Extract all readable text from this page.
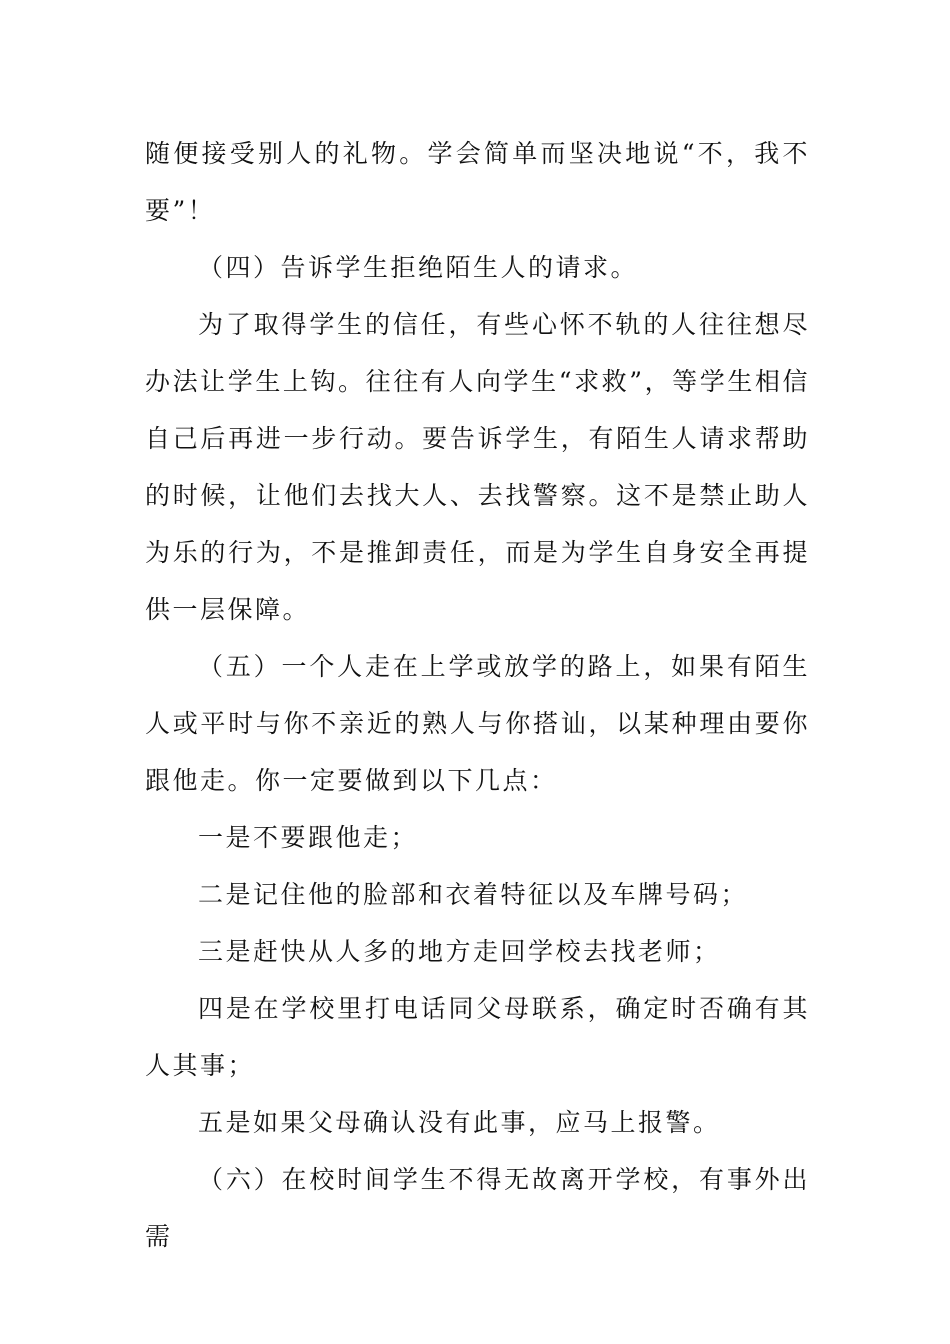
随便接受别人的礼物。学会简单而坚决地说“不，我不要”！

（四）告诉学生拒绝陌生人的请求。

为了取得学生的信任，有些心怀不轨的人往往想尽办法让学生上钩。往往有人向学生“求救”，等学生相信自己后再进一步行动。要告诉学生，有陌生人请求帮助的时候，让他们去找大人、去找警察。这不是禁止助人为乐的行为，不是推卸责任，而是为学生自身安全再提供一层保障。

（五）一个人走在上学或放学的路上，如果有陌生人或平时与你不亲近的熟人与你搭讪，以某种理由要你跟他走。你一定要做到以下几点：

一是不要跟他走；

二是记住他的脸部和衣着特征以及车牌号码；

三是赶快从人多的地方走回学校去找老师；

四是在学校里打电话同父母联系，确定时否确有其人其事；

五是如果父母确认没有此事，应马上报警。

（六）在校时间学生不得无故离开学校，有事外出需
